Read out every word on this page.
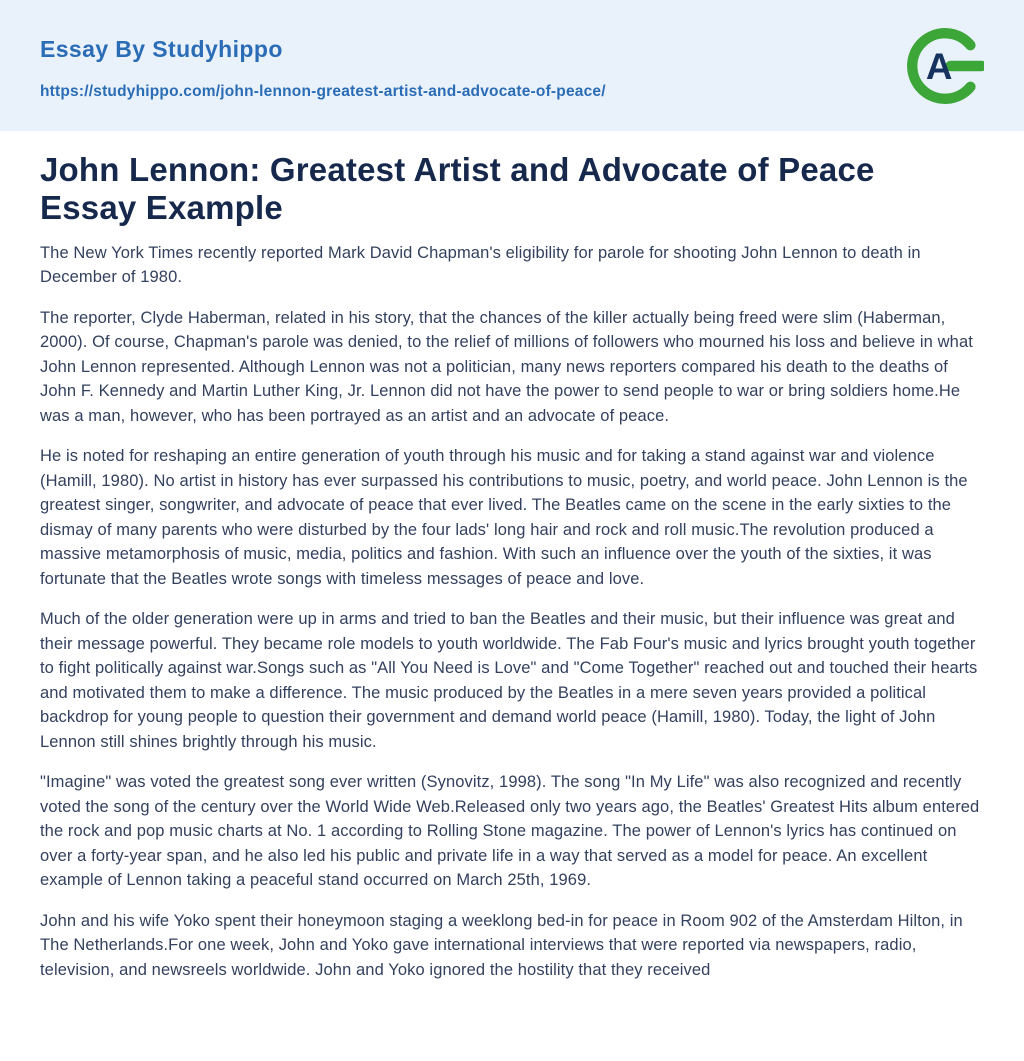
Essay By Studyhippo
https://studyhippo.com/john-lennon-greatest-artist-and-advocate-of-peace/
A
John Lennon: Greatest Artist and Advocate of Peace Essay Example

The New York Times recently reported Mark David Chapman's eligibility for parole for shooting John Lennon to death in December of 1980.

The reporter, Clyde Haberman, related in his story, that the chances of the killer actually being freed were slim (Haberman, 2000). Of course, Chapman's parole was denied, to the relief of millions of followers who mourned his loss and believe in what John Lennon represented. Although Lennon was not a politician, many news reporters compared his death to the deaths of John F. Kennedy and Martin Luther King, Jr. Lennon did not have the power to send people to war or bring soldiers home.He was a man, however, who has been portrayed as an artist and an advocate of peace.

He is noted for reshaping an entire generation of youth through his music and for taking a stand against war and violence (Hamill, 1980). No artist in history has ever surpassed his contributions to music, poetry, and world peace. John Lennon is the greatest singer, songwriter, and advocate of peace that ever lived. The Beatles came on the scene in the early sixties to the dismay of many parents who were disturbed by the four lads' long hair and rock and roll music.The revolution produced a massive metamorphosis of music, media, politics and fashion. With such an influence over the youth of the sixties, it was fortunate that the Beatles wrote songs with timeless messages of peace and love.

Much of the older generation were up in arms and tried to ban the Beatles and their music, but their influence was great and their message powerful. They became role models to youth worldwide. The Fab Four's music and lyrics brought youth together to fight politically against war.Songs such as "All You Need is Love" and "Come Together" reached out and touched their hearts and motivated them to make a difference. The music produced by the Beatles in a mere seven years provided a political backdrop for young people to question their government and demand world peace (Hamill, 1980). Today, the light of John Lennon still shines brightly through his music.

"Imagine" was voted the greatest song ever written (Synovitz, 1998). The song "In My Life" was also recognized and recently voted the song of the century over the World Wide Web.Released only two years ago, the Beatles' Greatest Hits album entered the rock and pop music charts at No. 1 according to Rolling Stone magazine. The power of Lennon's lyrics has continued on over a forty-year span, and he also led his public and private life in a way that served as a model for peace. An excellent example of Lennon taking a peaceful stand occurred on March 25th, 1969.

John and his wife Yoko spent their honeymoon staging a weeklong bed-in for peace in Room 902 of the Amsterdam Hilton, in The Netherlands.For one week, John and Yoko gave international interviews that were reported via newspapers, radio, television, and newsreels worldwide. John and Yoko ignored the hostility that they received
